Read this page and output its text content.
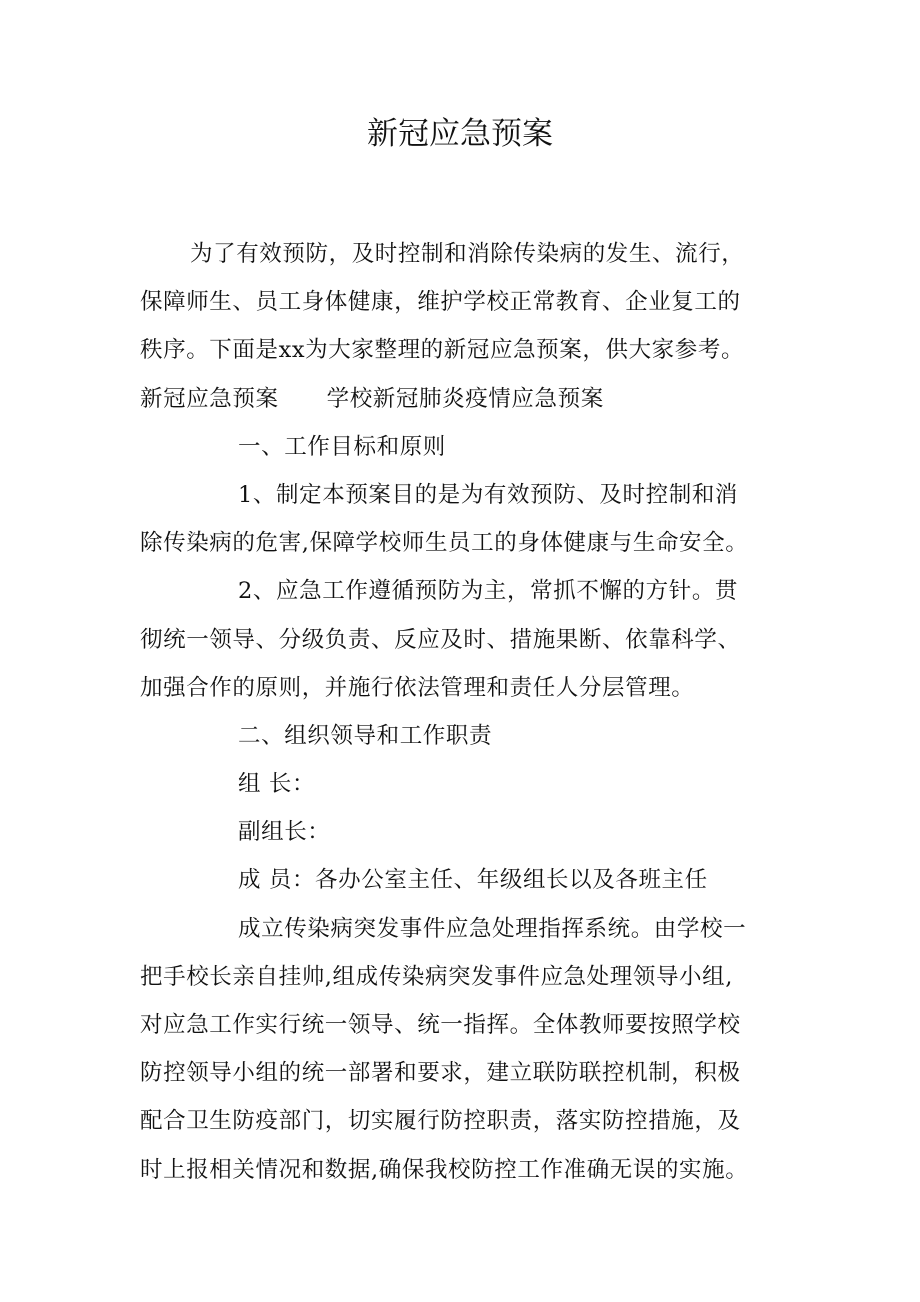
新冠应急预案

为了有效预防，及时控制和消除传染病的发生、流行，

保障师生、员工身体健康，维护学校正常教育、企业复工的

秩序。下面是xx为大家整理的新冠应急预案，供大家参考。

新冠应急预案 学校新冠肺炎疫情应急预案

一、工作目标和原则

1、制定本预案目的是为有效预防、及时控制和消

除传染病的危害,保障学校师生员工的身体健康与生命安全。

2、应急工作遵循预防为主，常抓不懈的方针。贯

彻统一领导、分级负责、反应及时、措施果断、依靠科学、

加强合作的原则，并施行依法管理和责任人分层管理。

二、组织领导和工作职责

组 长：

副组长：

成 员：各办公室主任、年级组长以及各班主任

成立传染病突发事件应急处理指挥系统。由学校一

把手校长亲自挂帅,组成传染病突发事件应急处理领导小组,

对应急工作实行统一领导、统一指挥。全体教师要按照学校

防控领导小组的统一部署和要求，建立联防联控机制，积极

配合卫生防疫部门，切实履行防控职责，落实防控措施，及

时上报相关情况和数据,确保我校防控工作准确无误的实施。
